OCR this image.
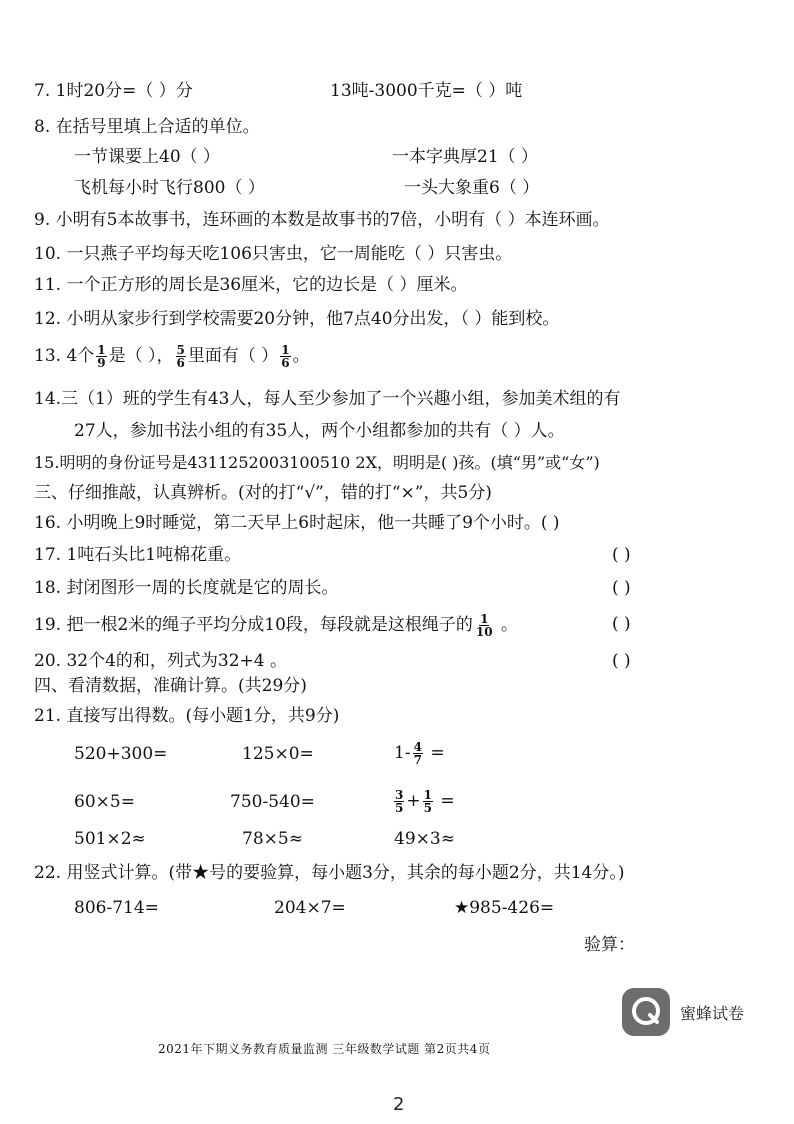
7. 1时20分=（ ）分	13吨-3000千克=（ ）吨
8. 在括号里填上合适的单位。
一节课要上40（ ）	一本字典厚21（ ）
飞机每小时飞行800（ ）	一头大象重6（ ）
9. 小明有5本故事书，连环画的本数是故事书的7倍，小明有（ ）本连环画。
10. 一只燕子平均每天吃106只害虫，它一周能吃（ ）只害虫。
11. 一个正方形的周长是36厘米，它的边长是（ ）厘米。
12. 小明从家步行到学校需要20分钟，他7点40分出发，（ ）能到校。
13. 4个 $\frac{1}{9}$ 是（ ）， $\frac{5}{6}$ 里面有（ ） $\frac{1}{6}$ 。
14.三（1）班的学生有43人，每人至少参加了一个兴趣小组，参加美术组的有
27人，参加书法小组的有35人，两个小组都参加的共有（ ）人。
15.明明的身份证号是4311252003100510 2X，明明是( )孩。(填“男”或“女”)
三、仔细推敲，认真辨析。(对的打“√”，错的打“×”，共5分)
16. 小明晚上9时睡觉，第二天早上6时起床，他一共睡了9个小时。( )
17. 1吨石头比1吨棉花重。	( )
18. 封闭图形一周的长度就是它的周长。	( )
19. 把一根2米的绳子平均分成10段，每段就是这根绳子的 $\frac{1}{10}$ 。	( )
20. 32个4的和，列式为32+4 。	( )
四、看清数据，准确计算。(共29分)
21. 直接写出得数。(每小题1分，共9分)
520+300=	125×0=	$1- \frac{4}{7}$ =
60×5=	750-540=	$\frac{3}{5} + \frac{1}{5}$ =
501×2≈	78×5≈	49×3≈
22. 用竖式计算。(带★号的要验算，每小题3分，其余的每小题2分，共14分。)
806-714=	204×7=	★985-426=
验算：
蜜蜂试卷
2021年下期义务教育质量监测 三年级数学试题 第2页共4页
2
